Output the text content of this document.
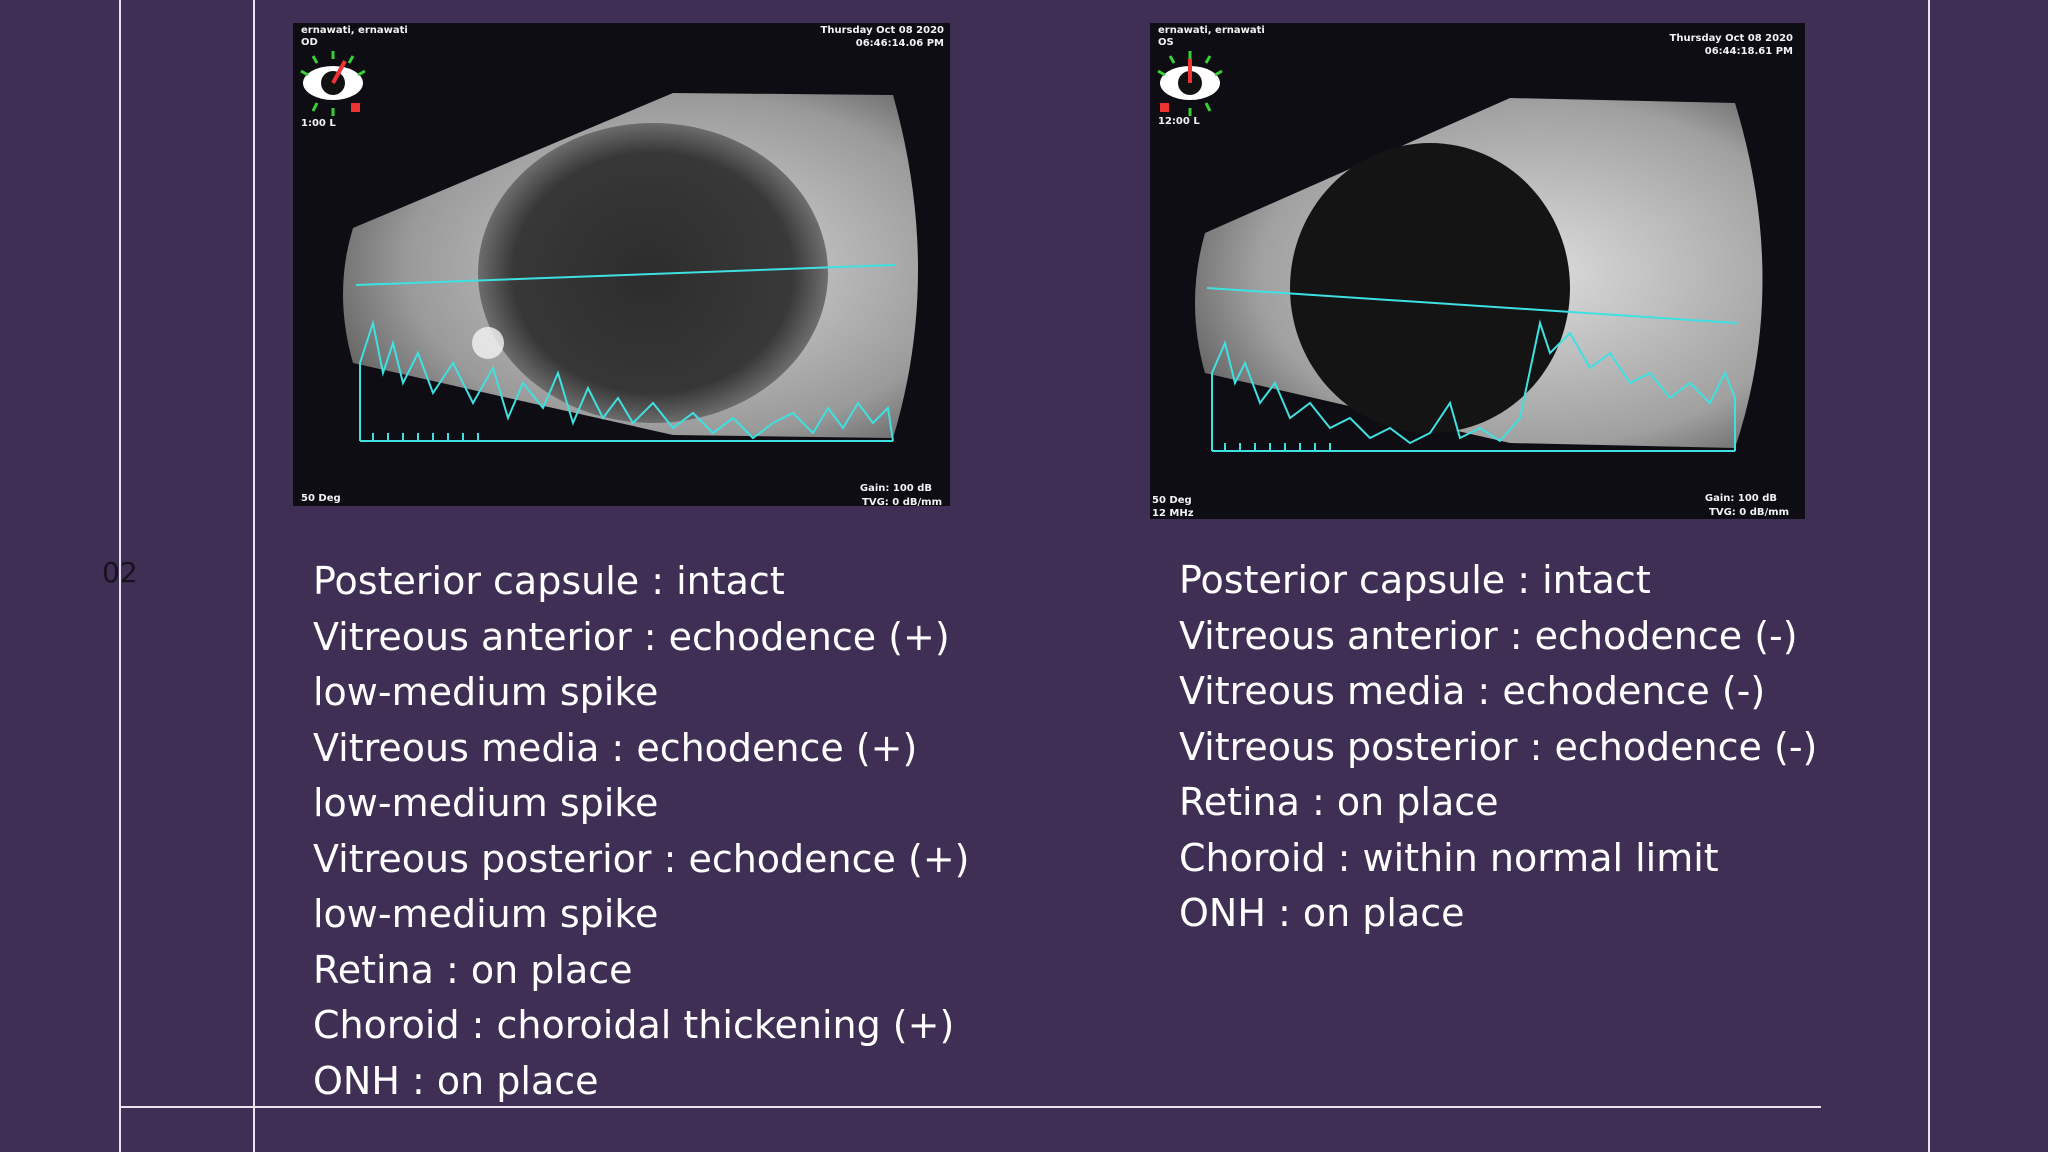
02
ernawati, ernawati
OD
Thursday Oct 08 2020
06:46:14.06 PM
1:00 L
50 Deg
Gain: 100 dB
TVG: 0 dB/mm
ernawati, ernawati
OS	Thursday Oct 08 2020
06:44:18.61 PM
12:00 L
50 Deg
12 MHz
Gain: 100 dB
TVG: 0 dB/mm
Posterior capsule : intact
Vitreous anterior : echodence (+)
low-medium spike
Vitreous media : echodence (+)
low-medium spike
Vitreous posterior : echodence (+)
low-medium spike
Retina : on place
Choroid : choroidal thickening (+)
ONH : on place
Posterior capsule : intact
Vitreous anterior : echodence (-)
Vitreous media : echodence (-)
Vitreous posterior : echodence (-)
Retina : on place
Choroid : within normal limit
ONH : on place
